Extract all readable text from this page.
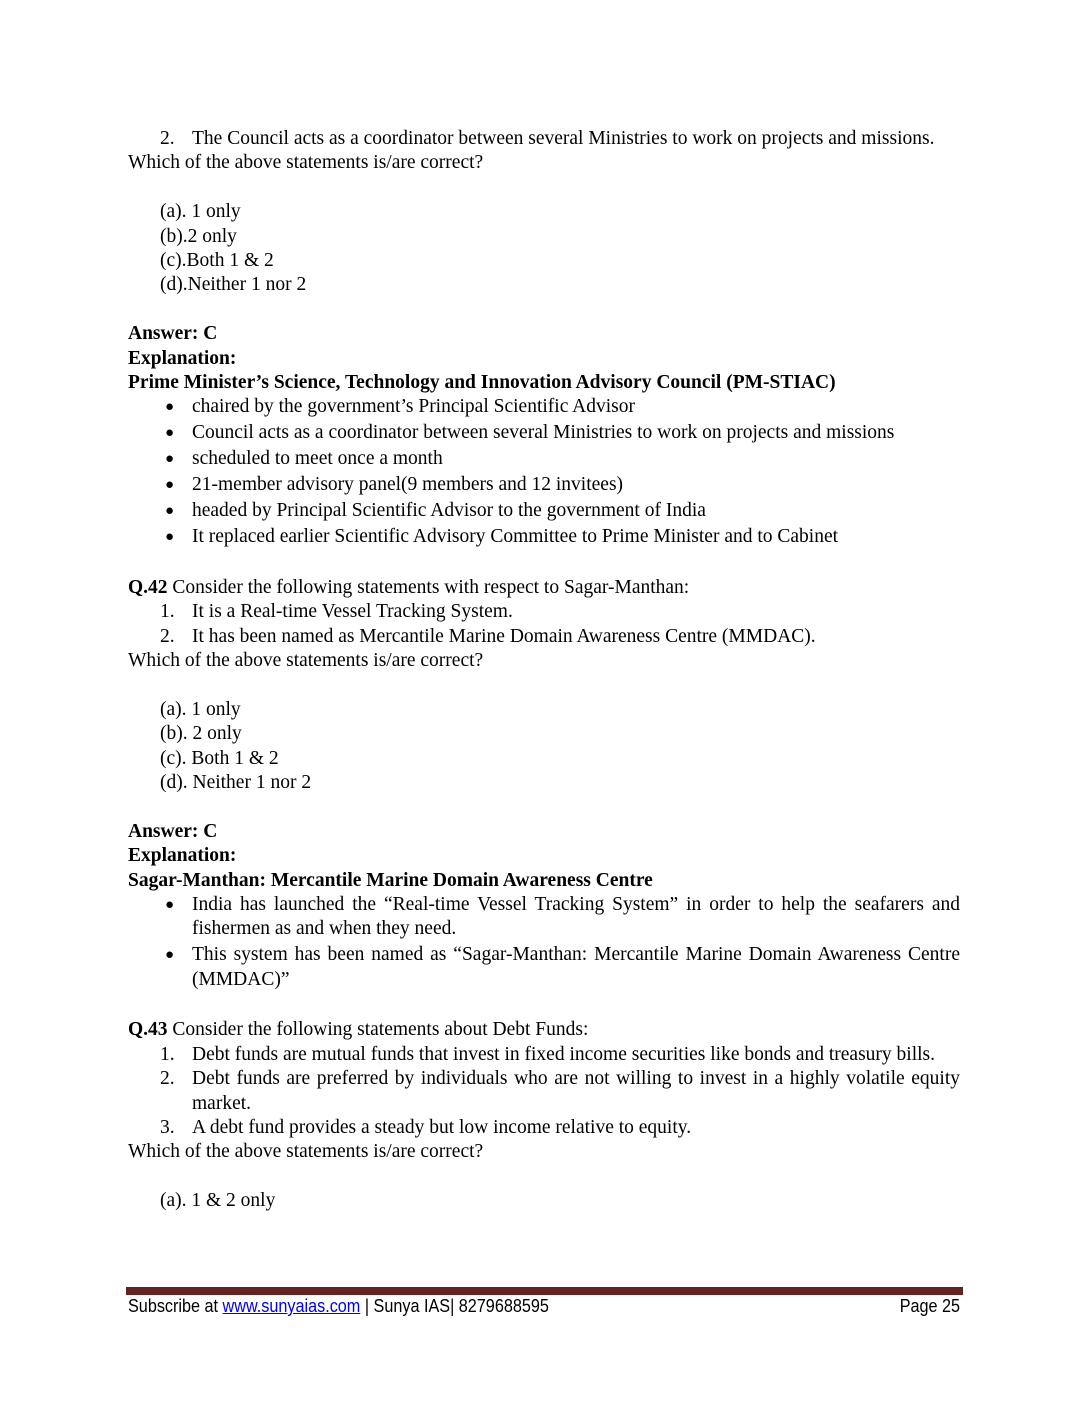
2. The Council acts as a coordinator between several Ministries to work on projects and missions.

Which of the above statements is/are correct?

(a). 1 only
(b).2 only
(c).Both 1 & 2
(d).Neither 1 nor 2

Answer: C

Explanation:

Prime Minister’s Science, Technology and Innovation Advisory Council (PM-STIAC)

● chaired by the government’s Principal Scientific Advisor
● Council acts as a coordinator between several Ministries to work on projects and missions
● scheduled to meet once a month
● 21-member advisory panel(9 members and 12 invitees)
● headed by Principal Scientific Advisor to the government of India
● It replaced earlier Scientific Advisory Committee to Prime Minister and to Cabinet

Q.42 Consider the following statements with respect to Sagar-Manthan:

1. It is a Real-time Vessel Tracking System.
2. It has been named as Mercantile Marine Domain Awareness Centre (MMDAC).

Which of the above statements is/are correct?

(a). 1 only
(b). 2 only
(c). Both 1 & 2
(d). Neither 1 nor 2

Answer: C

Explanation:

Sagar-Manthan: Mercantile Marine Domain Awareness Centre

● India has launched the “Real-time Vessel Tracking System” in order to help the seafarers and fishermen as and when they need.
● This system has been named as “Sagar-Manthan: Mercantile Marine Domain Awareness Centre (MMDAC)”

Q.43 Consider the following statements about Debt Funds:

1. Debt funds are mutual funds that invest in fixed income securities like bonds and treasury bills.
2. Debt funds are preferred by individuals who are not willing to invest in a highly volatile equity market.
3. A debt fund provides a steady but low income relative to equity.

Which of the above statements is/are correct?

(a). 1 & 2 only
Subscribe at www.sunyaias.com | Sunya IAS| 8279688595	Page 25
